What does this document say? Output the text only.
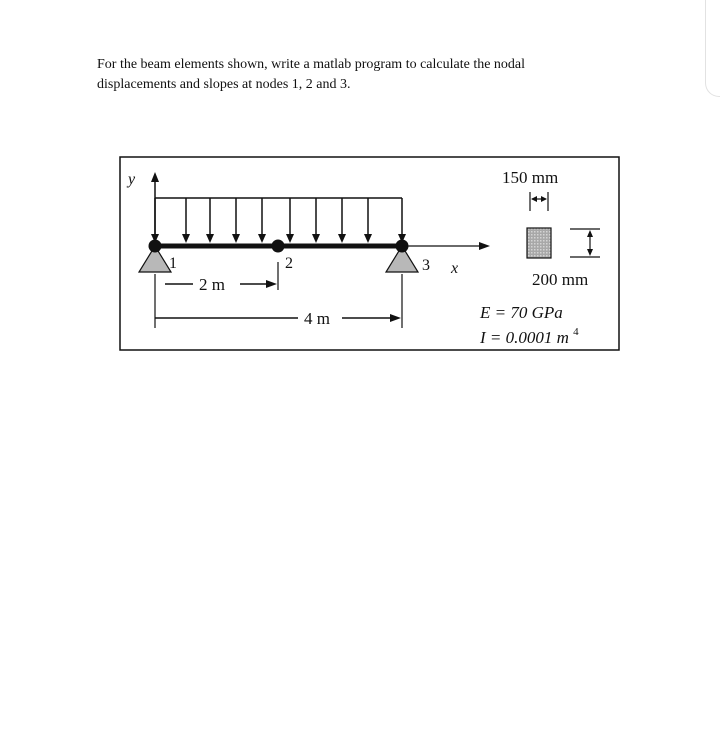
For the beam elements shown, write a matlab program to calculate the nodal
displacements and slopes at nodes 1, 2 and 3.

y
1	2	3 x
2 m
4 m
150 mm
200 mm
E = 70 GPa
I = 0.0001 m $^4$
